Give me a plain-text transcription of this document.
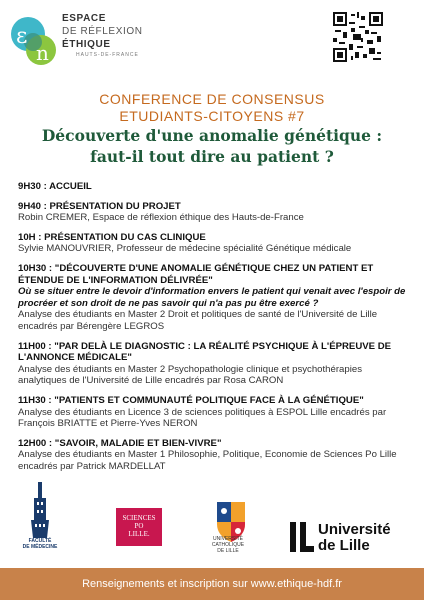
ε
n
ESPACE
DE RÉFLEXION
ÉTHIQUE
HAUTS-DE-FRANCE
CONFERENCE DE CONSENSUS
ETUDIANTS-CITOYENS #7
Découverte d'une anomalie génétique :
faut-il tout dire au patient ?
9H30 : ACCUEIL
9H40 : PRÉSENTATION DU PROJET
Robin CREMER, Espace de réflexion éthique des Hauts-de-France
10H : PRÉSENTATION DU CAS CLINIQUE
Sylvie MANOUVRIER, Professeur de médecine spécialité Génétique médicale
10H30 : "DÉCOUVERTE D'UNE ANOMALIE GÉNÉTIQUE CHEZ UN PATIENT ET ÉTENDUE DE L'INFORMATION DÉLIVRÉE"
Où se situer entre le devoir d'information envers le patient qui venait avec l'espoir de procréer et son droit de ne pas savoir qui n'a pas pu être exercé ?
Analyse des étudiants en Master 2 Droit et politiques de santé de l'Université de Lille encadrés par Bérengère LEGROS
11H00 : "PAR DELÀ LE DIAGNOSTIC : LA RÉALITÉ PSYCHIQUE À L'ÉPREUVE DE L'ANNONCE MÉDICALE"
Analyse des étudiants en Master 2 Psychopathologie clinique et psychothérapies analytiques de l'Université de Lille encadrés par Rosa CARON
11H30 : "PATIENTS ET COMMUNAUTÉ POLITIQUE FACE À LA GÉNÉTIQUE"
Analyse des étudiants en Licence 3 de sciences politiques à ESPOL Lille encadrés par François BRIATTE et Pierre-Yves NERON
12H00 : "SAVOIR, MALADIE ET BIEN-VIVRE"
Analyse des étudiants en Master 1 Philosophie, Politique, Economie de Sciences Po Lille encadrés par Patrick MARDELLAT
FACULTÉ
DE MÉDECINE
SCIENCES
PO
LILLE.
UNIVERSITÉ
CATHOLIQUE
DE LILLE
Université
de Lille
Renseignements et inscription sur www.ethique-hdf.fr
